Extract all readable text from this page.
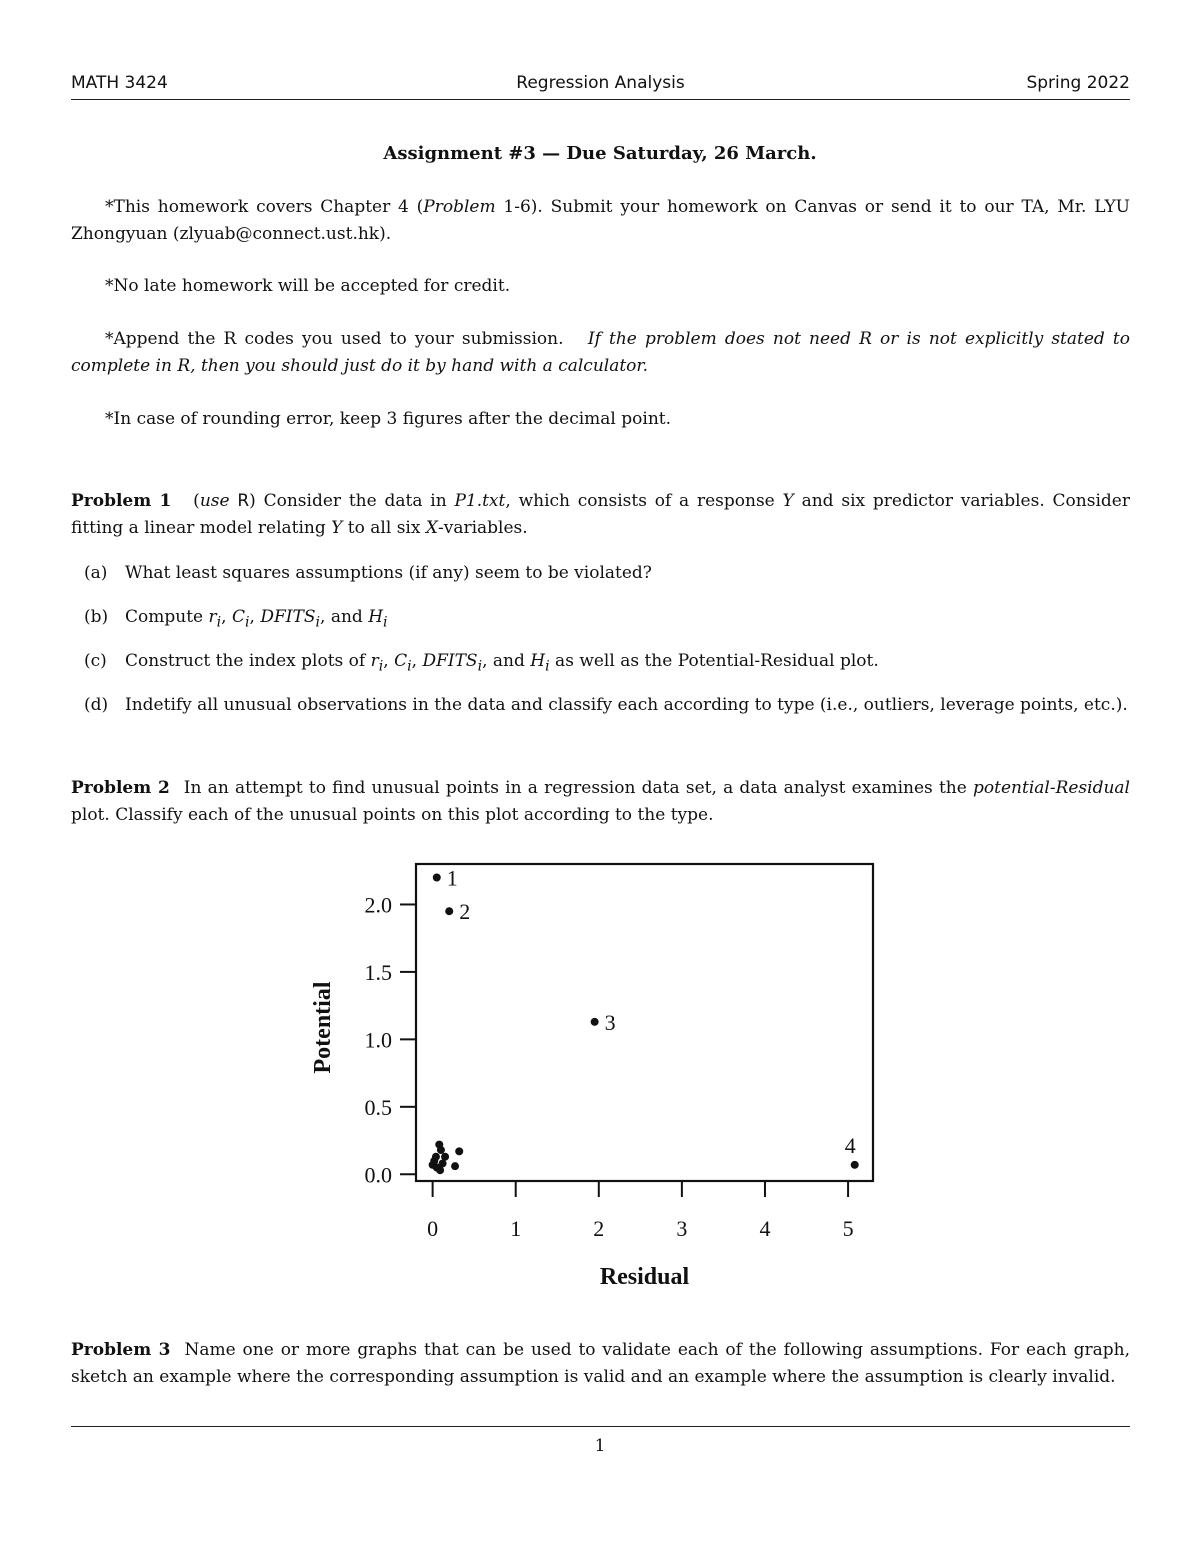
MATH 3424	Regression Analysis	Spring 2022
Assignment #3 — Due Saturday, 26 March.
*This homework covers Chapter 4 (Problem 1-6). Submit your homework on Canvas or send it to our TA, Mr. LYU Zhongyuan (zlyuab@connect.ust.hk).
*No late homework will be accepted for credit.
*Append the R codes you used to your submission. If the problem does not need R or is not explicitly stated to complete in R, then you should just do it by hand with a calculator.
*In case of rounding error, keep 3 figures after the decimal point.
Problem 1 (use R) Consider the data in P1.txt, which consists of a response Y and six predictor variables. Consider fitting a linear model relating Y to all six X-variables.
(a)	What least squares assumptions (if any) seem to be violated?
(b) Compute $r_i$, $C_i$, $DFITS_i$, and $H_i$
(c)	Construct the index plots of $r_i$, $C_i$, $DFITS_i$, and $H_i$ as well as the Potential-Residual plot.
(d) Indetify all unusual observations in the data and classify each according to type (i.e., outliers, leverage points, etc.).
Problem 2 In an attempt to find unusual points in a regression data set, a data analyst examines the potential-Residual plot. Classify each of the unusual points on this plot according to the type.
0.0
0.5
1.0
1.5
2.0
0	1	2	3	4	5
Residual
Potential
1
2
3
4
Problem 3 Name one or more graphs that can be used to validate each of the following assumptions. For each graph, sketch an example where the corresponding assumption is valid and an example where the assumption is clearly invalid.
1
